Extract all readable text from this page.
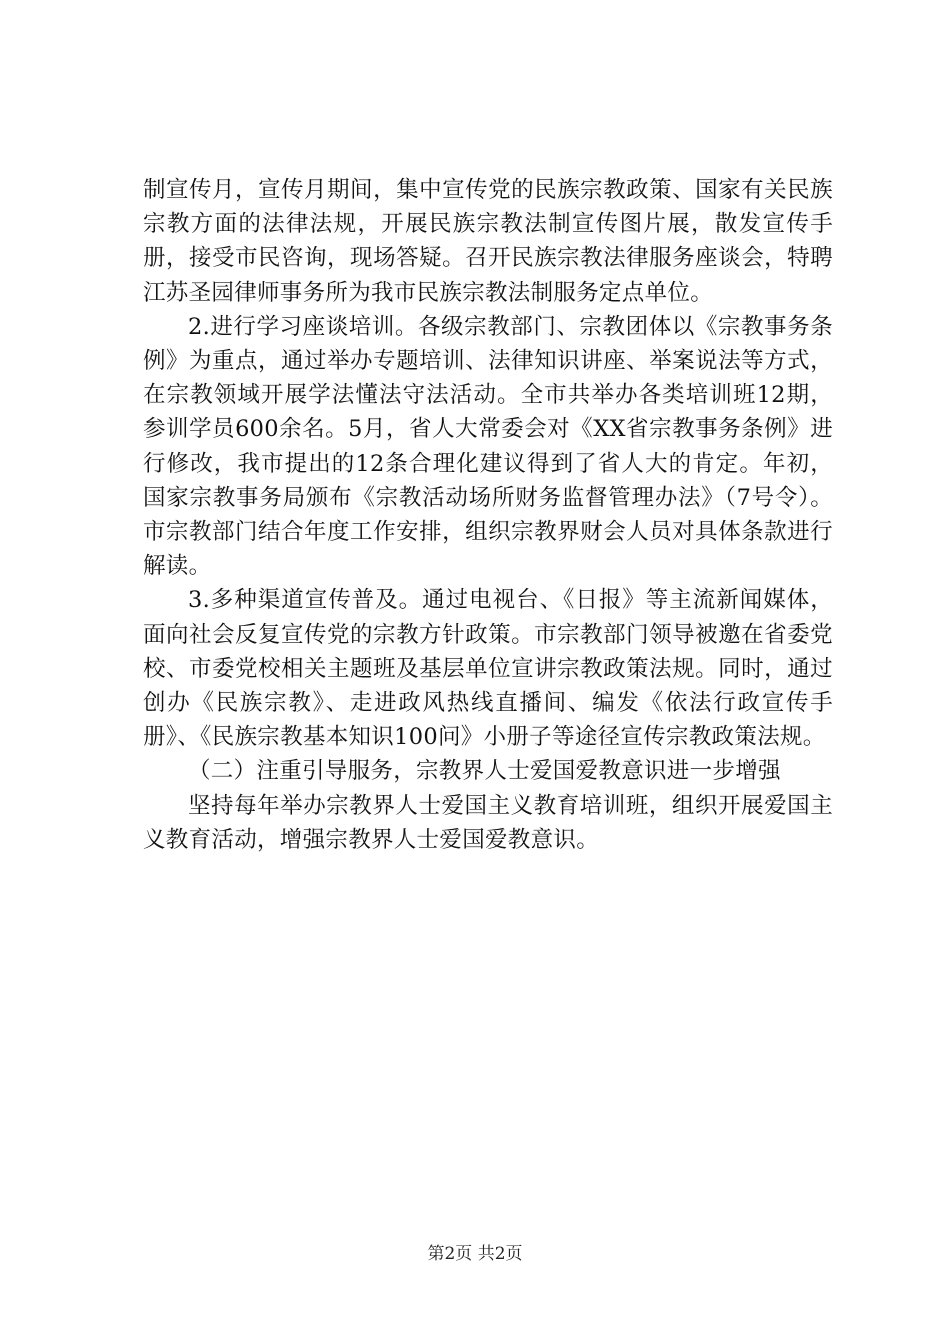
制宣传月，宣传月期间，集中宣传党的民族宗教政策、国家有关民族宗教方面的法律法规，开展民族宗教法制宣传图片展，散发宣传手册，接受市民咨询，现场答疑。召开民族宗教法律服务座谈会，特聘江苏圣园律师事务所为我市民族宗教法制服务定点单位。

2.进行学习座谈培训。各级宗教部门、宗教团体以《宗教事务条例》为重点，通过举办专题培训、法律知识讲座、举案说法等方式，在宗教领域开展学法懂法守法活动。全市共举办各类培训班12期，参训学员600余名。5月，省人大常委会对《XX省宗教事务条例》进行修改，我市提出的12条合理化建议得到了省人大的肯定。年初，国家宗教事务局颁布《宗教活动场所财务监督管理办法》（7号令）。市宗教部门结合年度工作安排，组织宗教界财会人员对具体条款进行解读。

3.多种渠道宣传普及。通过电视台、《日报》等主流新闻媒体，面向社会反复宣传党的宗教方针政策。市宗教部门领导被邀在省委党校、市委党校相关主题班及基层单位宣讲宗教政策法规。同时，通过创办《民族宗教》、走进政风热线直播间、编发《依法行政宣传手册》、《民族宗教基本知识100问》小册子等途径宣传宗教政策法规。

（二）注重引导服务，宗教界人士爱国爱教意识进一步增强

坚持每年举办宗教界人士爱国主义教育培训班，组织开展爱国主义教育活动，增强宗教界人士爱国爱教意识。

第2页 共2页
